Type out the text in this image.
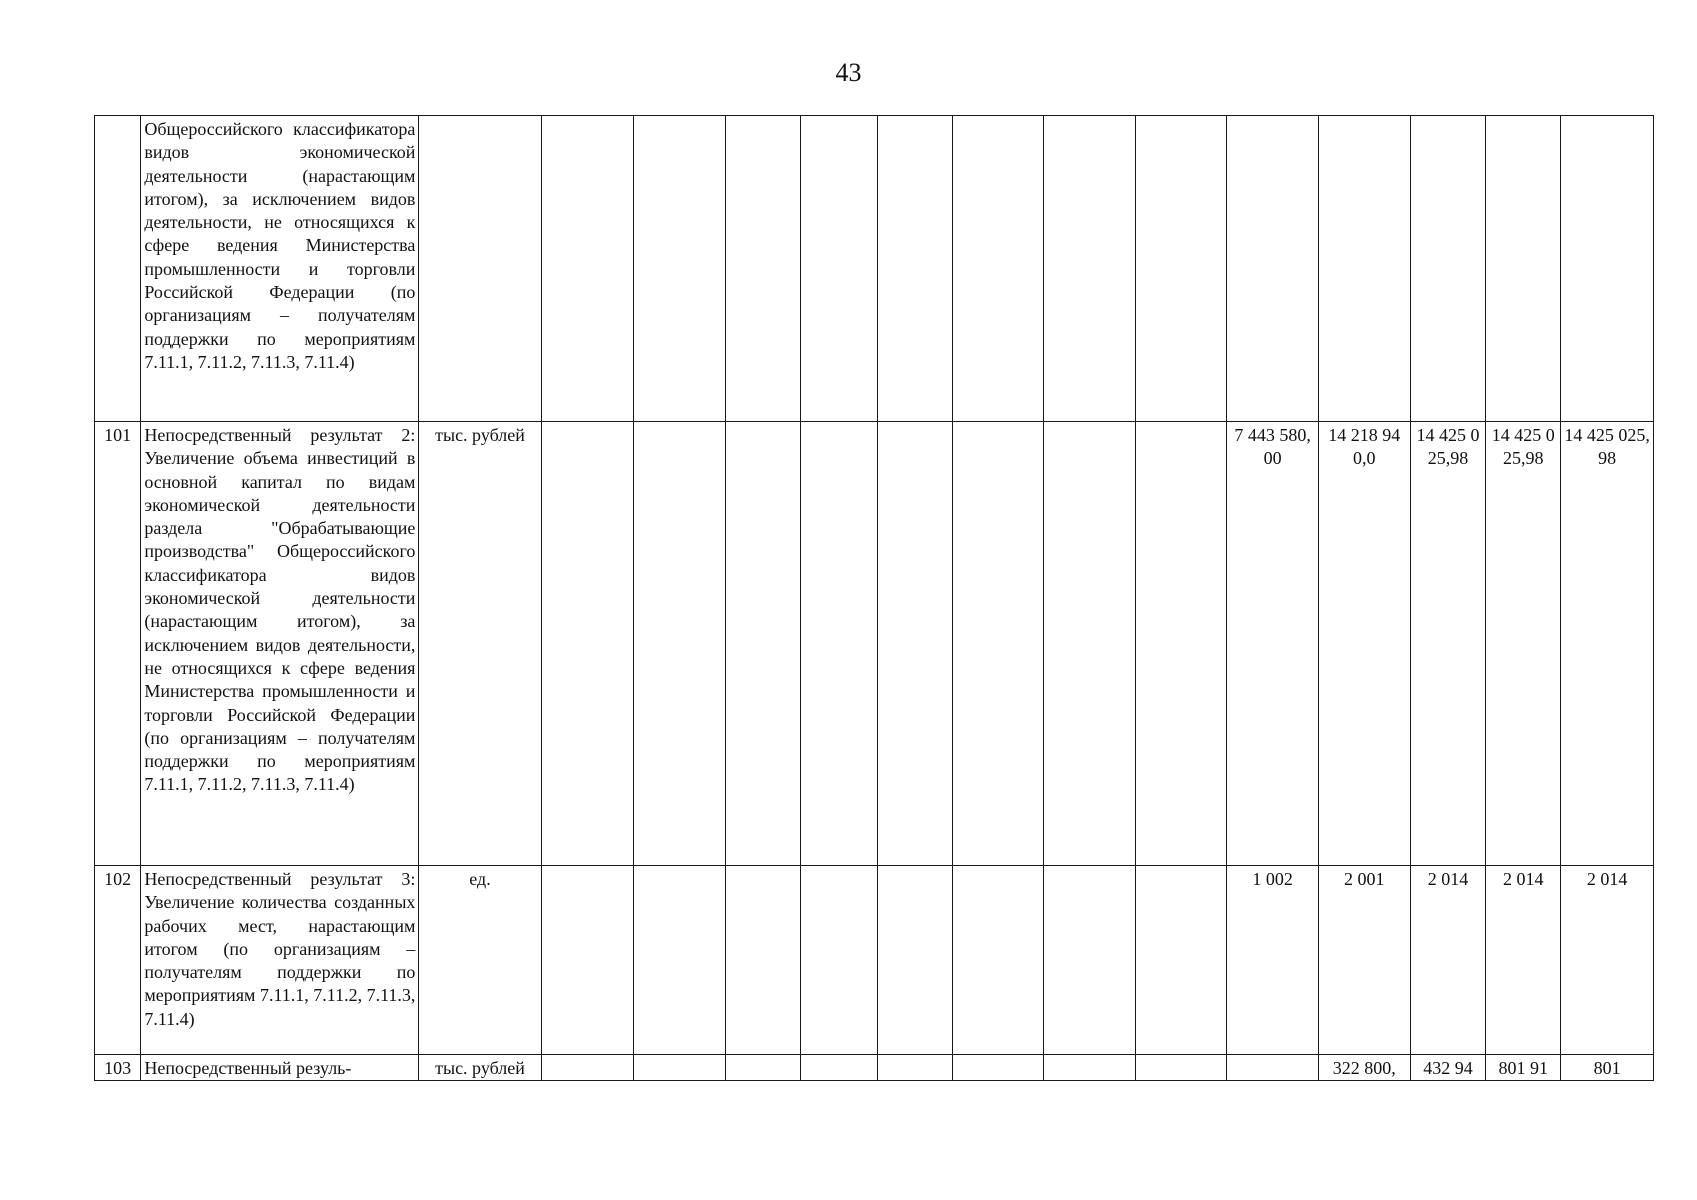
43
	Общероссийского классификатора видов экономической деятельности (нарастающим итогом), за исключением видов деятельности, не относящихся к сфере ведения Министерства промышленности и торговли Российской Федерации (по организациям – получателям поддержки по мероприятиям 7.11.1, 7.11.2, 7.11.3, 7.11.4)														
101	Непосредственный результат 2: Увеличение объема инвестиций в основной капитал по видам экономической деятельности раздела "Обрабатывающие производства" Общероссийского классификатора видов экономической деятельности (нарастающим итогом), за исключением видов деятельности, не относящихся к сфере ведения Министерства промышленности и торговли Российской Федерации (по организациям – получателям поддержки по мероприятиям 7.11.1, 7.11.2, 7.11.3, 7.11.4)	тыс. рублей									7 443 580,00	14 218 940,0	14 425 025,98	14 425 025,98	14 425 025,98
102	Непосредственный результат 3: Увеличение количества созданных рабочих мест, нарастающим итогом (по организациям – получателям поддержки по мероприятиям 7.11.1, 7.11.2, 7.11.3, 7.11.4)	ед.									1 002	2 001	2 014	2 014	2 014
103	Непосредственный резуль-	тыс. рублей										322 800,	432 94	801 91	801
